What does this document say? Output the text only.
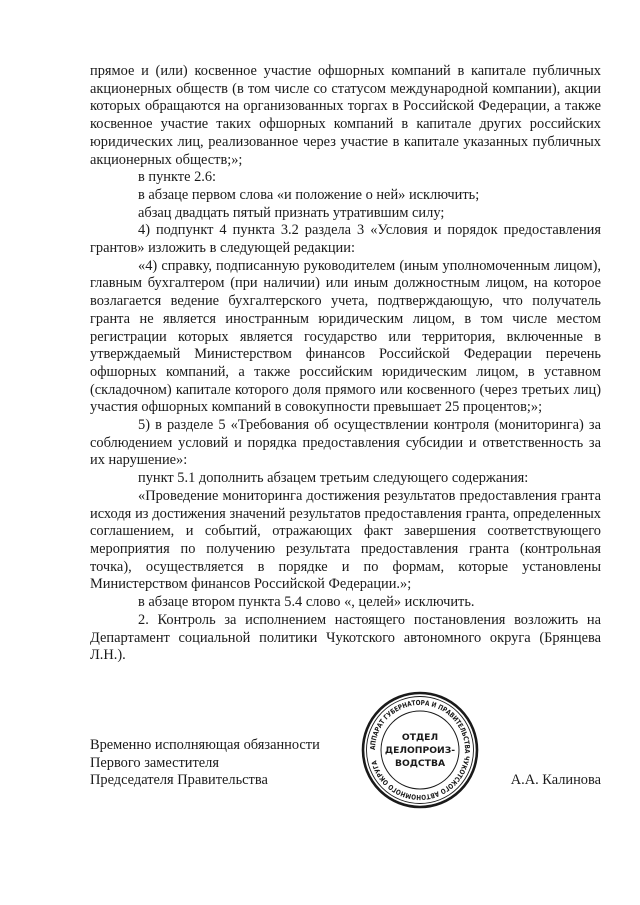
прямое и (или) косвенное участие офшорных компаний в капитале публичных акционерных обществ (в том числе со статусом международной компании), акции которых обращаются на организованных торгах в Российской Федерации, а также косвенное участие таких офшорных компаний в капитале других российских юридических лиц, реализованное через участие в капитале указанных публичных акционерных обществ;»;

в пункте 2.6:

в абзаце первом слова «и положение о ней» исключить;

абзац двадцать пятый признать утратившим силу;

4) подпункт 4 пункта 3.2 раздела 3 «Условия и порядок предоставления грантов» изложить в следующей редакции:

«4) справку, подписанную руководителем (иным уполномоченным лицом), главным бухгалтером (при наличии) или иным должностным лицом, на которое возлагается ведение бухгалтерского учета, подтверждающую, что получатель гранта не является иностранным юридическим лицом, в том числе местом регистрации которых является государство или территория, включенные в утверждаемый Министерством финансов Российской Федерации перечень офшорных компаний, а также российским юридическим лицом, в уставном (складочном) капитале которого доля прямого или косвенного (через третьих лиц) участия офшорных компаний в совокупности превышает 25 процентов;»;

5) в разделе 5 «Требования об осуществлении контроля (мониторинга) за соблюдением условий и порядка предоставления субсидии и ответственность за их нарушение»:

пункт 5.1 дополнить абзацем третьим следующего содержания:

«Проведение мониторинга достижения результатов предоставления гранта исходя из достижения значений результатов предоставления гранта, определенных соглашением, и событий, отражающих факт завершения соответствующего мероприятия по получению результата предоставления гранта (контрольная точка), осуществляется в порядке и по формам, которые установлены Министерством финансов Российской Федерации.»;

в абзаце втором пункта 5.4 слово «, целей» исключить.

2. Контроль за исполнением настоящего постановления возложить на Департамент социальной политики Чукотского автономного округа (Брянцева Л.Н.).

Временно исполняющая обязанности
Первого заместителя
Председателя Правительства	А.А. Калинова
АППАРАТ ГУБЕРНАТОРА И ПРАВИТЕЛЬСТВА ЧУКОТСКОГО АВТОНОМНОГО ОКРУГА
ОТДЕЛ
ДЕЛОПРОИЗ-
ВОДСТВА
